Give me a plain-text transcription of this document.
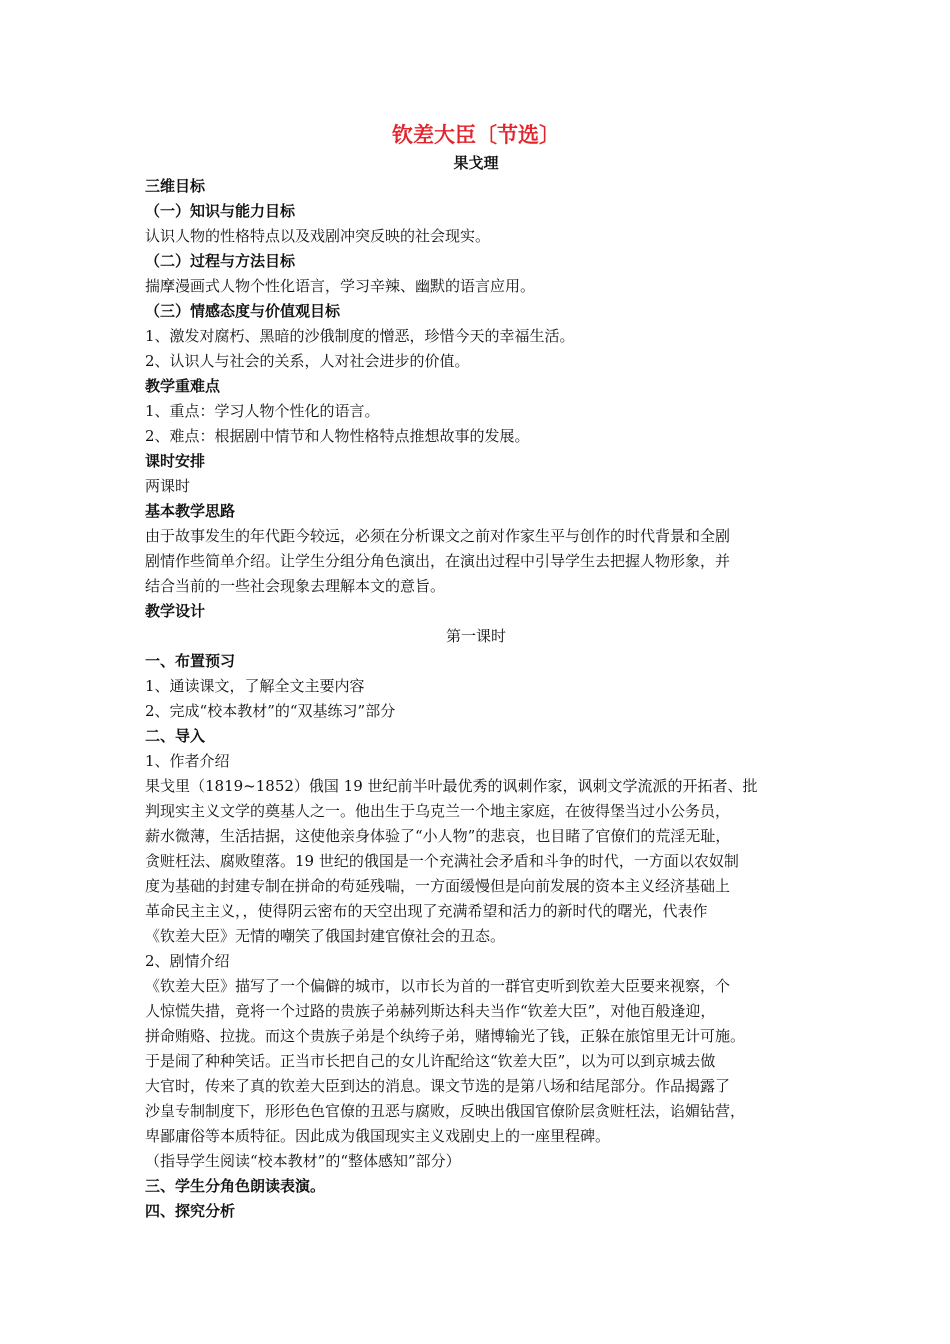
钦差大臣〔节选〕

果戈理

三维目标

（一）知识与能力目标

认识人物的性格特点以及戏剧冲突反映的社会现实。

（二）过程与方法目标

揣摩漫画式人物个性化语言，学习辛辣、幽默的语言应用。

（三）情感态度与价值观目标

1、激发对腐朽、黑暗的沙俄制度的憎恶，珍惜今天的幸福生活。

2、认识人与社会的关系，人对社会进步的价值。

教学重难点

1、重点：学习人物个性化的语言。

2、难点：根据剧中情节和人物性格特点推想故事的发展。

课时安排

两课时

基本教学思路

由于故事发生的年代距今较远，必须在分析课文之前对作家生平与创作的时代背景和全剧

剧情作些简单介绍。让学生分组分角色演出，在演出过程中引导学生去把握人物形象，并

结合当前的一些社会现象去理解本文的意旨。

教学设计

第一课时

一、布置预习

1、通读课文，了解全文主要内容

2、完成“校本教材”的“双基练习”部分

二、导入

1、作者介绍

果戈里（1819~1852）俄国 19 世纪前半叶最优秀的讽刺作家，讽刺文学流派的开拓者、批

判现实主义文学的奠基人之一。他出生于乌克兰一个地主家庭，在彼得堡当过小公务员，

薪水微薄，生活拮据，这使他亲身体验了“小人物”的悲哀，也目睹了官僚们的荒淫无耻，

贪赃枉法、腐败堕落。19 世纪的俄国是一个充满社会矛盾和斗争的时代，一方面以农奴制

度为基础的封建专制在拼命的苟延残喘，一方面缓慢但是向前发展的资本主义经济基础上

革命民主主义，，使得阴云密布的天空出现了充满希望和活力的新时代的曙光，代表作

《钦差大臣》无情的嘲笑了俄国封建官僚社会的丑态。

2、剧情介绍

《钦差大臣》描写了一个偏僻的城市，以市长为首的一群官吏听到钦差大臣要来视察，个

人惊慌失措，竟将一个过路的贵族子弟赫列斯达科夫当作“钦差大臣”，对他百般逢迎，

拼命贿赂、拉拢。而这个贵族子弟是个纨绔子弟，赌博输光了钱，正躲在旅馆里无计可施。

于是闹了种种笑话。正当市长把自己的女儿许配给这“钦差大臣”，以为可以到京城去做

大官时，传来了真的钦差大臣到达的消息。课文节选的是第八场和结尾部分。作品揭露了

沙皇专制制度下，形形色色官僚的丑恶与腐败，反映出俄国官僚阶层贪赃枉法，谄媚钻营，

卑鄙庸俗等本质特征。因此成为俄国现实主义戏剧史上的一座里程碑。

（指导学生阅读“校本教材”的“整体感知”部分）

三、学生分角色朗读表演。

四、探究分析
